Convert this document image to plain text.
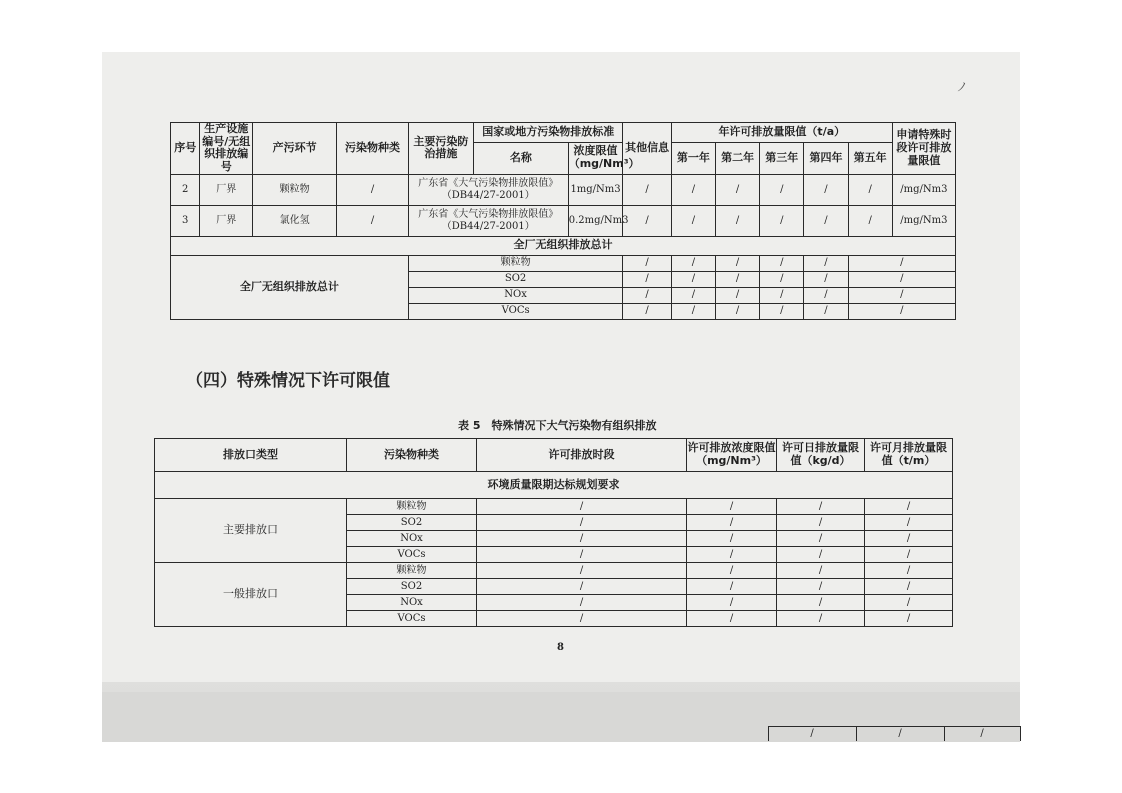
ノ
序号	生产设施编号/无组织排放编号	产污环节	污染物种类	主要污染防治措施	国家或地方污染物排放标准		其他信息	年许可排放量限值（t/a）					申请特殊时段许可排放量限值
					名称	浓度限值（mg/Nm³）		第一年	第二年	第三年	第四年	第五年	
2	厂界	颗粒物	/	广东省《大气污染物排放限值》（DB44/27-2001）		1mg/Nm3	/	/	/	/	/	/	/mg/Nm3
3	厂界	氯化氢	/	广东省《大气污染物排放限值》（DB44/27-2001）		0.2mg/Nm3	/	/	/	/	/	/	/mg/Nm3
全厂无组织排放总计													
全厂无组织排放总计				颗粒物			/	/	/	/	/	/	
				SO2			/	/	/	/	/	/	
				NOx			/	/	/	/	/	/	
				VOCs			/	/	/	/	/	/	
（四）特殊情况下许可限值
表 5　特殊情况下大气污染物有组织排放
排放口类型	污染物种类	许可排放时段	许可排放浓度限值（mg/Nm³）	许可日排放量限值（kg/d）	许可月排放量限值（t/m）
环境质量限期达标规划要求					
主要排放口	颗粒物	/	/	/	/
	SO2	/	/	/	/
	NOx	/	/	/	/
	VOCs	/	/	/	/
一般排放口	颗粒物	/	/	/	/
	SO2	/	/	/	/
	NOx	/	/	/	/
	VOCs	/	/	/	/
8
	/	/	/
